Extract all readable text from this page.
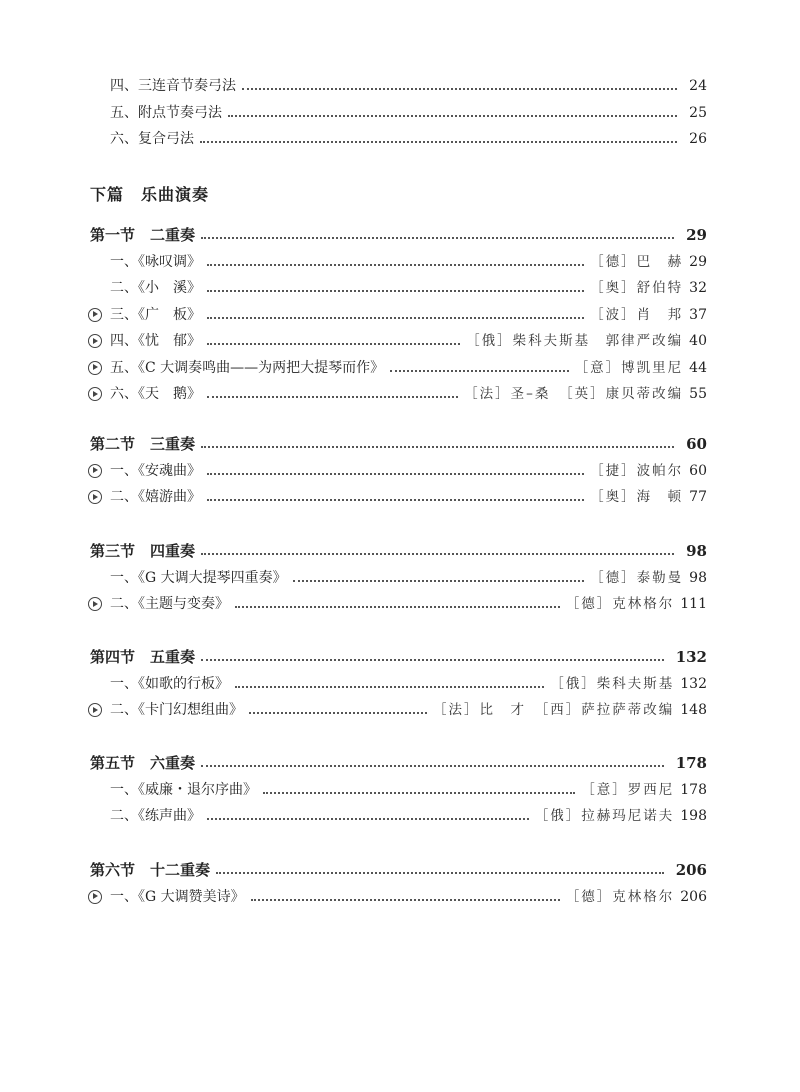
四、三连音节奏弓法	24
五、附点节奏弓法	25
六、复合弓法	26
下篇　乐曲演奏
第一节　二重奏	29
一、《咏叹调》	［德］巴　赫 29
二、《小　溪》	［奥］舒伯特 32
三、《广　板》	［波］肖　邦 37
四、《忧　郁》	［俄］柴科夫斯基　郭律严改编 40
五、《C 大调奏鸣曲——为两把大提琴而作》	［意］博凯里尼 44
六、《天　鹅》	［法］圣–桑　［英］康贝蒂改编 55
第二节　三重奏	60
一、《安魂曲》	［捷］波帕尔 60
二、《嬉游曲》	［奥］海　顿 77
第三节　四重奏	98
一、《G 大调大提琴四重奏》	［德］泰勒曼 98
二、《主题与变奏》	［德］克林格尔 111
第四节　五重奏	132
一、《如歌的行板》	［俄］柴科夫斯基 132
二、《卡门幻想组曲》	［法］比　才　［西］萨拉萨蒂改编 148
第五节　六重奏	178
一、《威廉・退尔序曲》	［意］罗西尼 178
二、《练声曲》	［俄］拉赫玛尼诺夫 198
第六节　十二重奏	206
一、《G 大调赞美诗》	［德］克林格尔 206
